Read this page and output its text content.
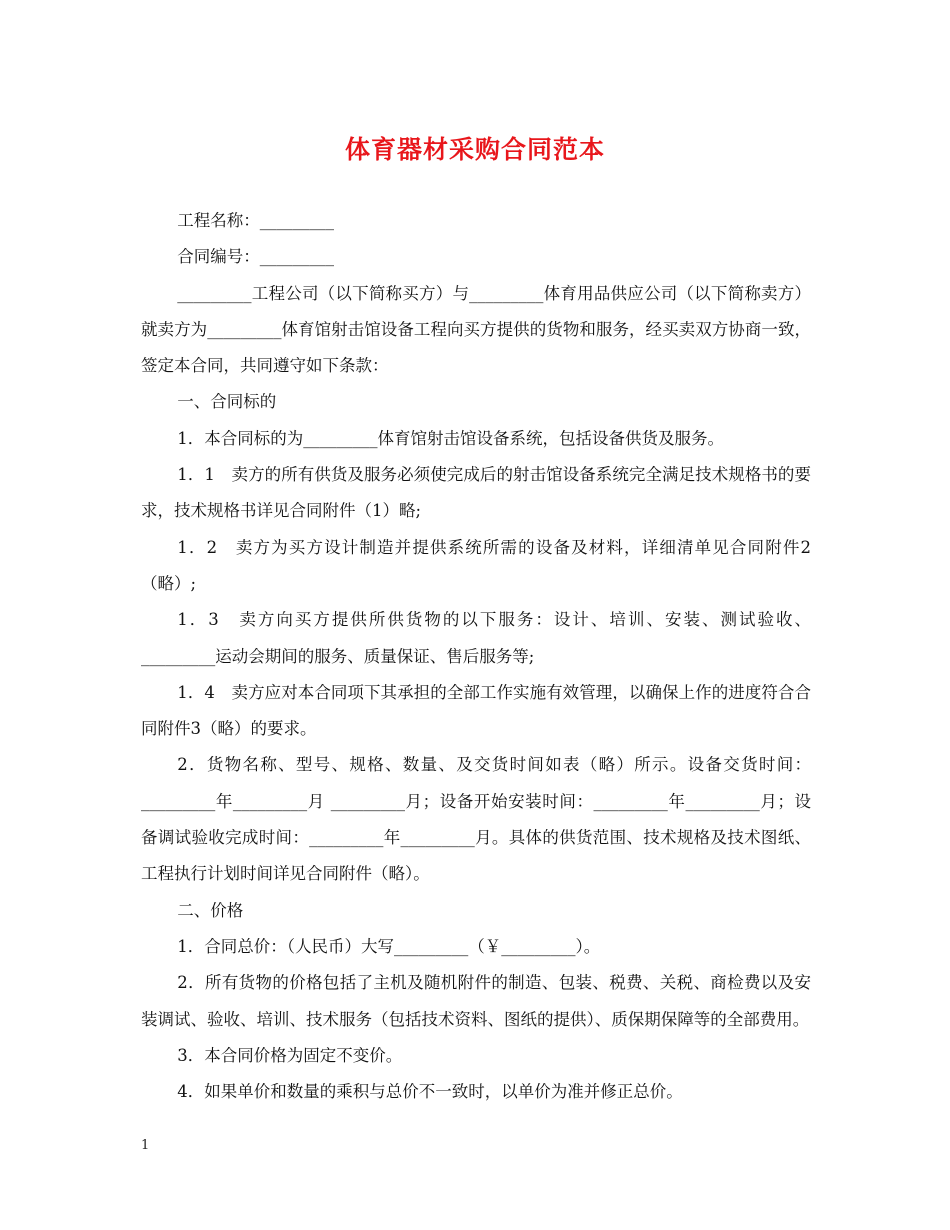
体育器材采购合同范本

工程名称：_________

合同编号：_________

_________工程公司（以下简称买方）与_________体育用品供应公司（以下简称卖方）就卖方为_________体育馆射击馆设备工程向买方提供的货物和服务，经买卖双方协商一致，签定本合同，共同遵守如下条款：

一、合同标的

1．本合同标的为_________体育馆射击馆设备系统，包括设备供货及服务。

1．1　卖方的所有供货及服务必须使完成后的射击馆设备系统完全满足技术规格书的要求，技术规格书详见合同附件（1）略;

1．2　卖方为买方设计制造并提供系统所需的设备及材料，详细清单见合同附件2（略）;

1．3　卖方向买方提供所供货物的以下服务：设计、培训、安装、测试验收、_________运动会期间的服务、质量保证、售后服务等;

1．4　卖方应对本合同项下其承担的全部工作实施有效管理，以确保上作的进度符合合同附件3（略）的要求。

2．货物名称、型号、规格、数量、及交货时间如表（略）所示。设备交货时间：_________年_________月 _________月；设备开始安装时间：_________年_________月；设备调试验收完成时间：_________年_________月。具体的供货范围、技术规格及技术图纸、工程执行计划时间详见合同附件（略）。

二、价格

1．合同总价：（人民币）大写_________（￥_________）。

2．所有货物的价格包括了主机及随机附件的制造、包装、税费、关税、商检费以及安装调试、验收、培训、技术服务（包括技术资料、图纸的提供）、质保期保障等的全部费用。

3．本合同价格为固定不变价。

4．如果单价和数量的乘积与总价不一致时，以单价为准并修正总价。

1
